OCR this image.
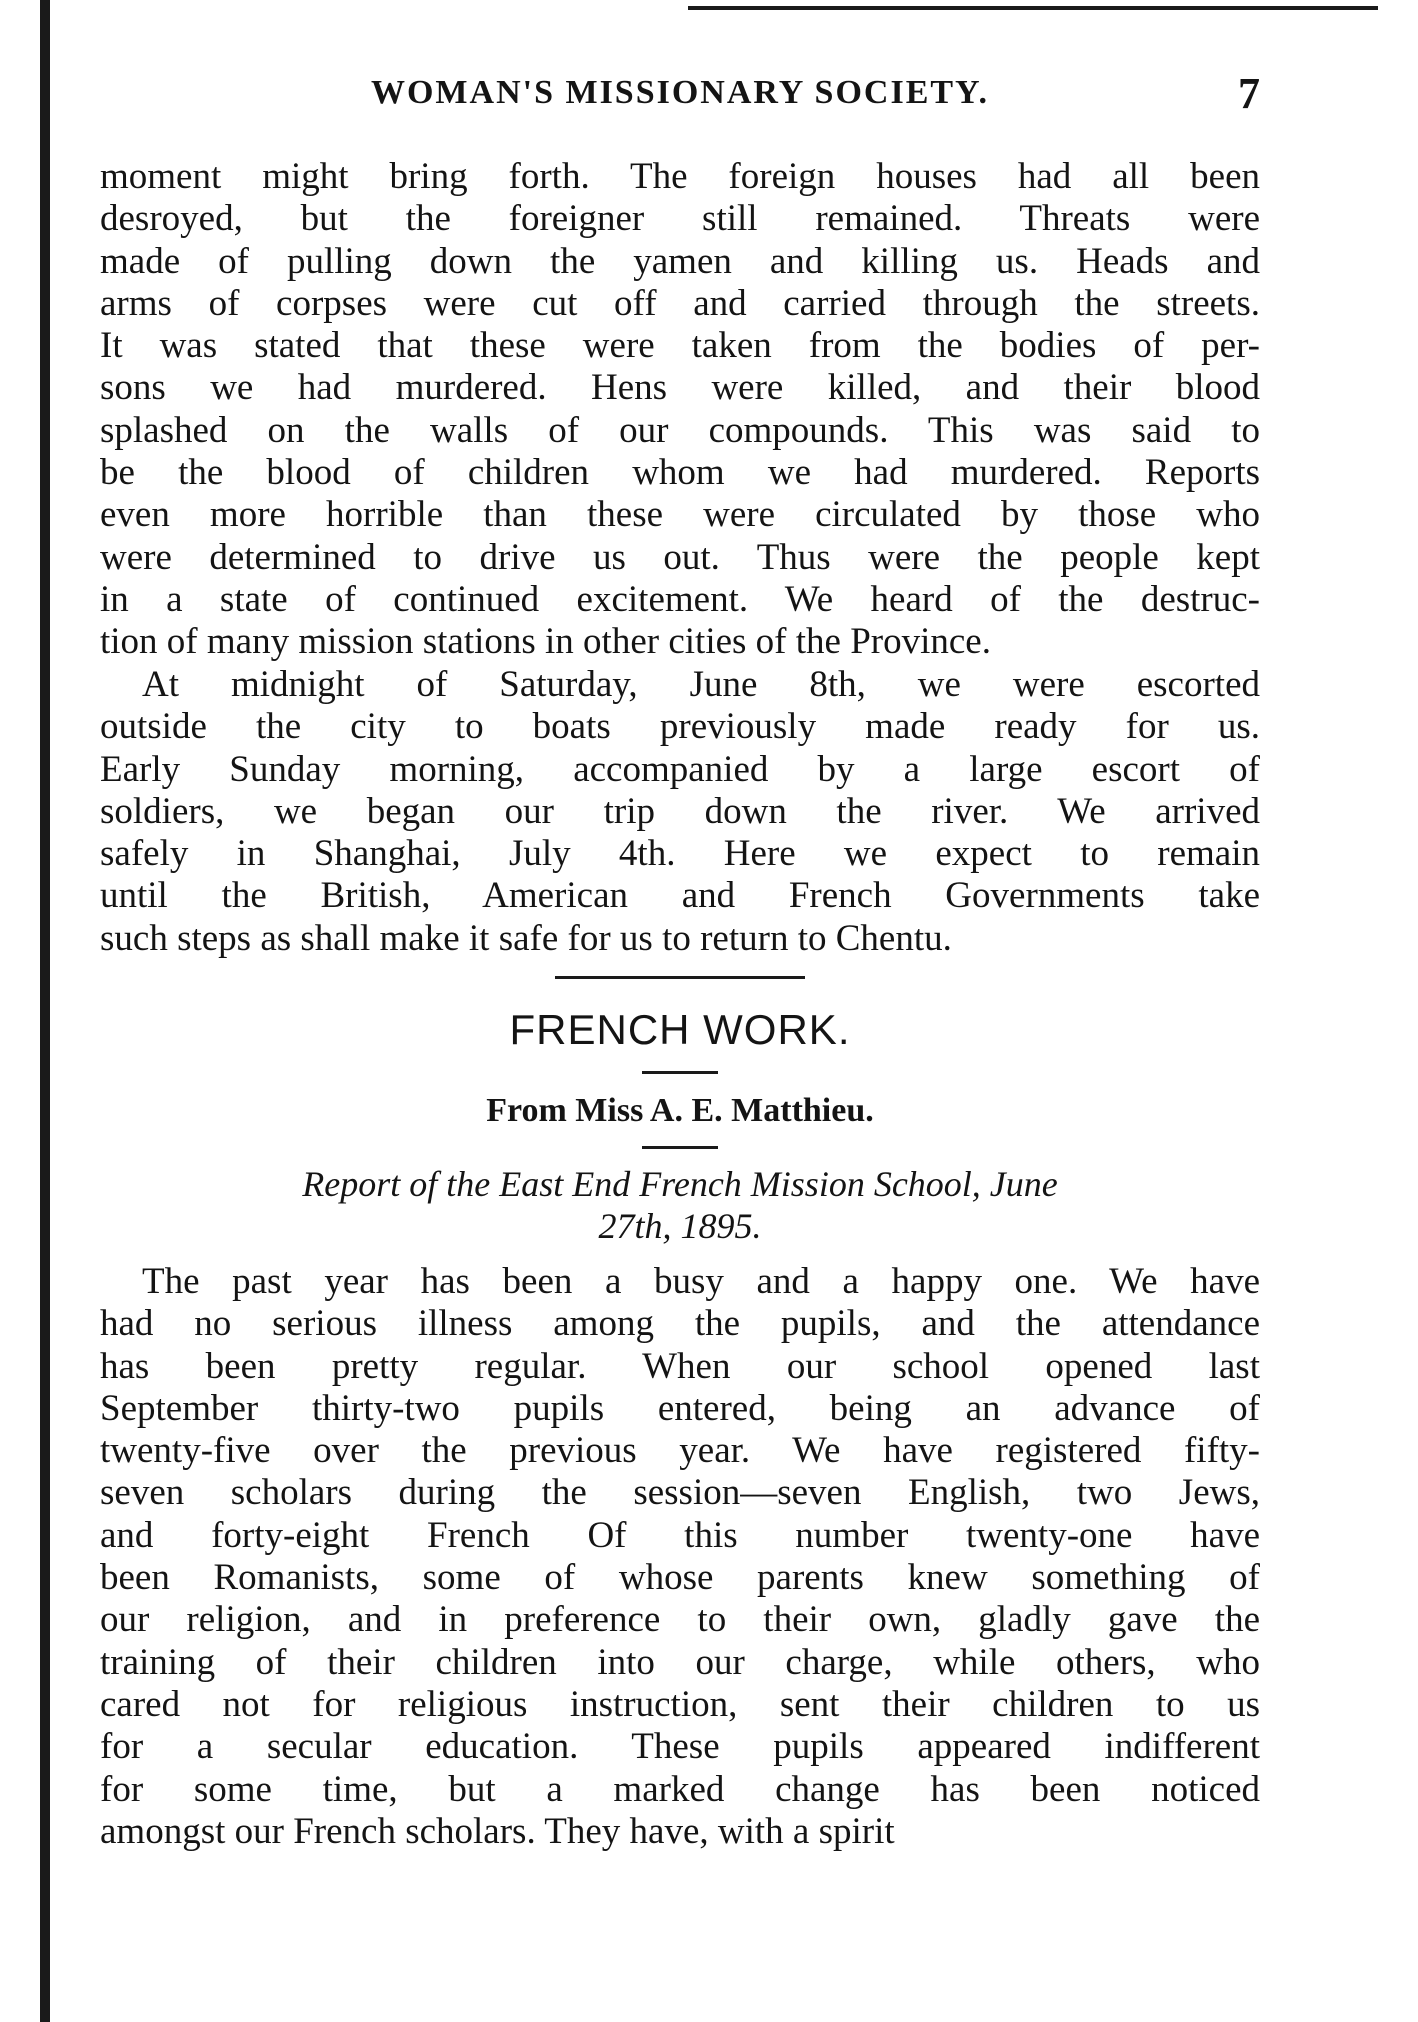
WOMAN'S MISSIONARY SOCIETY.	7

moment might bring forth. The foreign houses had all been
desroyed, but the foreigner still remained. Threats were
made of pulling down the yamen and killing us. Heads and
arms of corpses were cut off and carried through the streets.
It was stated that these were taken from the bodies of per-
sons we had murdered. Hens were killed, and their blood
splashed on the walls of our compounds. This was said to
be the blood of children whom we had murdered. Reports
even more horrible than these were circulated by those who
were determined to drive us out. Thus were the people kept
in a state of continued excitement. We heard of the destruc-
tion of many mission stations in other cities of the Province.

At midnight of Saturday, June 8th, we were escorted
outside the city to boats previously made ready for us.
Early Sunday morning, accompanied by a large escort of
soldiers, we began our trip down the river. We arrived
safely in Shanghai, July 4th. Here we expect to remain
until the British, American and French Governments take
such steps as shall make it safe for us to return to Chentu.

FRENCH WORK.
From Miss A. E. Matthieu.
Report of the East End French Mission School, June
27th, 1895.

The past year has been a busy and a happy one. We have
had no serious illness among the pupils, and the attendance
has been pretty regular. When our school opened last
September thirty-two pupils entered, being an advance of
twenty-five over the previous year. We have registered fifty-
seven scholars during the session—seven English, two Jews,
and forty-eight French Of this number twenty-one have
been Romanists, some of whose parents knew something of
our religion, and in preference to their own, gladly gave the
training of their children into our charge, while others, who
cared not for religious instruction, sent their children to us
for a secular education. These pupils appeared indifferent
for some time, but a marked change has been noticed
amongst our French scholars. They have, with a spirit
